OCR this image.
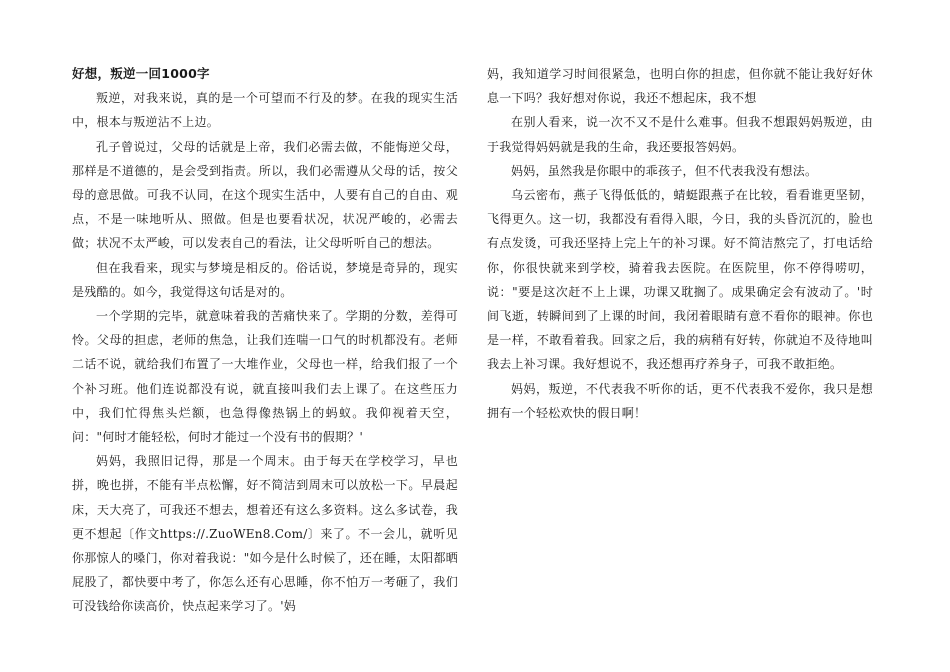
好想，叛逆一回1000字

叛逆，对我来说，真的是一个可望而不行及的梦。在我的现实生活中，根本与叛逆沾不上边。

孔子曾说过，父母的话就是上帝，我们必需去做，不能悔逆父母，那样是不道德的，是会受到指责。所以，我们必需遵从父母的话，按父母的意思做。可我不认同，在这个现实生活中，人要有自己的自由、观点，不是一味地听从、照做。但是也要看状况，状况严峻的，必需去做；状况不太严峻，可以发表自己的看法，让父母听听自己的想法。

但在我看来，现实与梦境是相反的。俗话说，梦境是奇异的，现实是残酷的。如今，我觉得这句话是对的。

一个学期的完毕，就意味着我的苦痛快来了。学期的分数，差得可怜。父母的担虑，老师的焦急，让我们连喘一口气的时机都没有。老师二话不说，就给我们布置了一大堆作业，父母也一样，给我们报了一个个补习班。他们连说都没有说，就直接叫我们去上课了。在这些压力中，我们忙得焦头烂额，也急得像热锅上的蚂蚁。我仰视着天空，问："何时才能轻松，何时才能过一个没有书的假期？'

妈妈，我照旧记得，那是一个周末。由于每天在学校学习，早也拼，晚也拼，不能有半点松懈，好不简洁到周末可以放松一下。早晨起床，天大亮了，可我还不想去，想着还有这么多资料。这么多试卷，我更不想起〔作文https://.ZuoWEn8.Com/〕来了。不一会儿，就听见你那惊人的嗓门，你对着我说："如今是什么时候了，还在睡，太阳都晒屁股了，都快要中考了，你怎么还有心思睡，你不怕万一考砸了，我们可没钱给你读高价，快点起来学习了。'妈

妈，我知道学习时间很紧急，也明白你的担虑，但你就不能让我好好休息一下吗？我好想对你说，我还不想起床，我不想

在别人看来，说一次不又不是什么难事。但我不想跟妈妈叛逆，由于我觉得妈妈就是我的生命，我还要报答妈妈。

妈妈，虽然我是你眼中的乖孩子，但不代表我没有想法。

乌云密布，燕子飞得低低的，蜻蜓跟燕子在比较，看看谁更坚韧，飞得更久。这一切，我都没有看得入眼，今日，我的头昏沉沉的，脸也有点发烫，可我还坚持上完上午的补习课。好不简洁熬完了，打电话给你，你很快就来到学校，骑着我去医院。在医院里，你不停得唠叨，说："要是这次赶不上上课，功课又耽搁了。成果确定会有波动了。'时间飞逝，转瞬间到了上课的时间，我闭着眼睛有意不看你的眼神。你也是一样，不敢看着我。回家之后，我的病稍有好转，你就迫不及待地叫我去上补习课。我好想说不，我还想再疗养身子，可我不敢拒绝。

妈妈，叛逆，不代表我不听你的话，更不代表我不爱你，我只是想拥有一个轻松欢快的假日啊！
